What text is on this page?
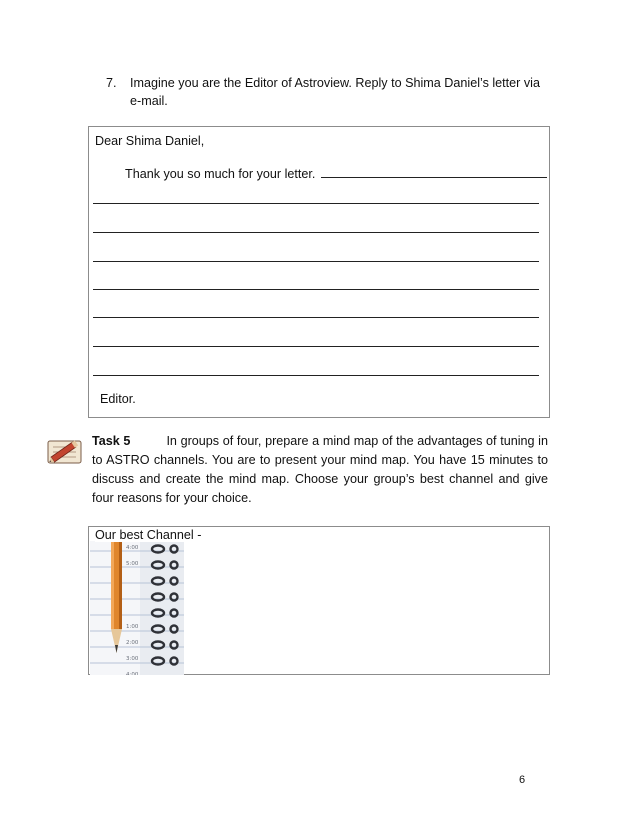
7. Imagine you are the Editor of Astroview. Reply to Shima Daniel’s letter via e-mail.
Dear Shima Daniel,
Thank you so much for your letter.
Editor.
Task 5	In groups of four, prepare a mind map of the advantages of tuning in to ASTRO channels. You are to present your mind map. You have 15 minutes to discuss and create the mind map. Choose your group’s best channel and give four reasons for your choice.
Our best Channel -
4:00
5:00
1:00
2:00
3:00
4:00
6
